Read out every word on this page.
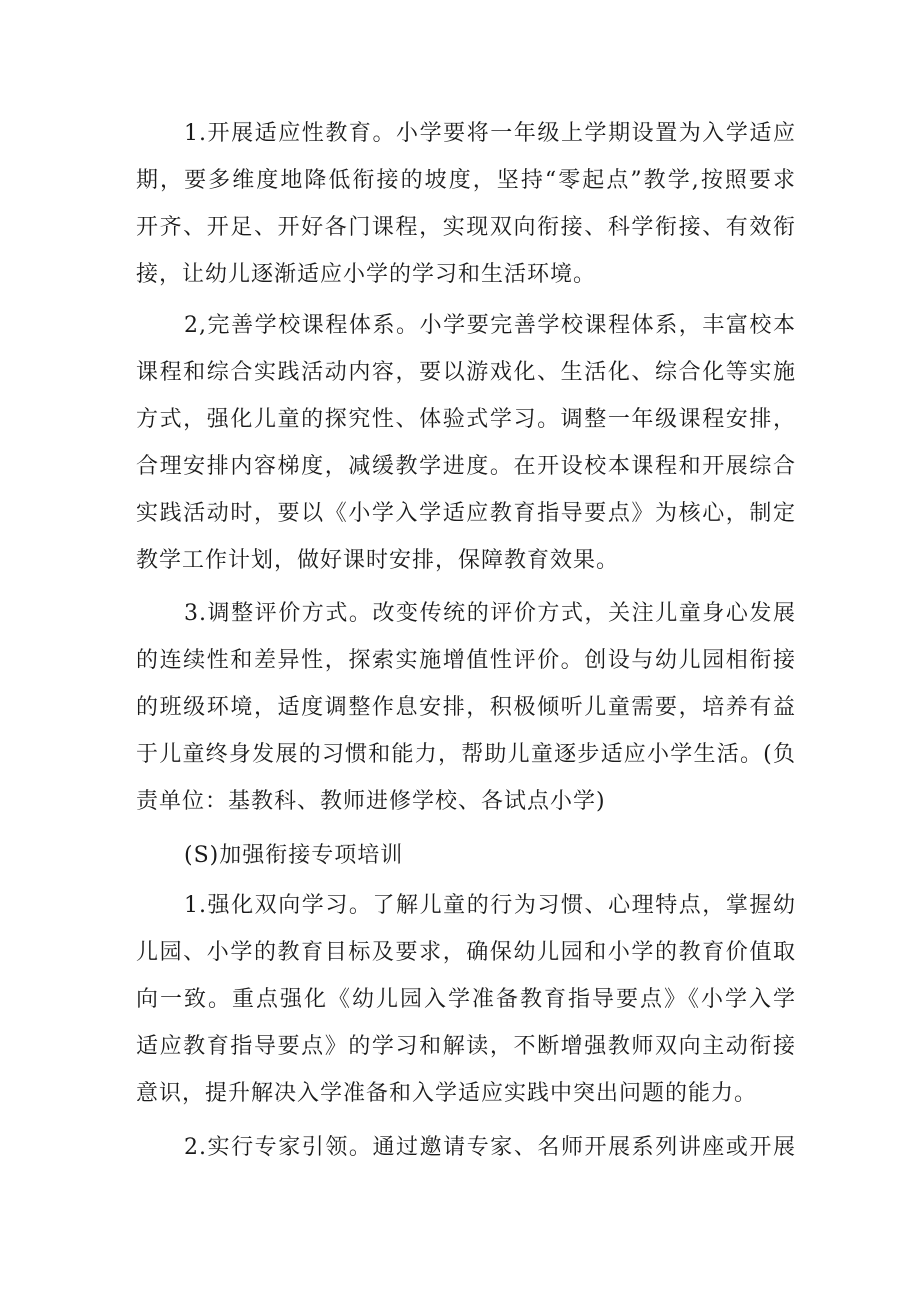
1.开展适应性教育。小学要将一年级上学期设置为入学适应
期，要多维度地降低衔接的坡度，坚持“零起点”教学,按照要求
开齐、开足、开好各门课程，实现双向衔接、科学衔接、有效衔
接，让幼儿逐渐适应小学的学习和生活环境。
2,完善学校课程体系。小学要完善学校课程体系，丰富校本
课程和综合实践活动内容，要以游戏化、生活化、综合化等实施
方式，强化儿童的探究性、体验式学习。调整一年级课程安排，
合理安排内容梯度，减缓教学进度。在开设校本课程和开展综合
实践活动时，要以《小学入学适应教育指导要点》为核心，制定
教学工作计划，做好课时安排，保障教育效果。
3.调整评价方式。改变传统的评价方式，关注儿童身心发展
的连续性和差异性，探索实施增值性评价。创设与幼儿园相衔接
的班级环境，适度调整作息安排，积极倾听儿童需要，培养有益
于儿童终身发展的习惯和能力，帮助儿童逐步适应小学生活。(负
责单位：基教科、教师进修学校、各试点小学)
(S)加强衔接专项培训
1.强化双向学习。了解儿童的行为习惯、心理特点，掌握幼
儿园、小学的教育目标及要求，确保幼儿园和小学的教育价值取
向一致。重点强化《幼儿园入学准备教育指导要点》《小学入学
适应教育指导要点》的学习和解读，不断增强教师双向主动衔接
意识，提升解决入学准备和入学适应实践中突出问题的能力。
2.实行专家引领。通过邀请专家、名师开展系列讲座或开展
